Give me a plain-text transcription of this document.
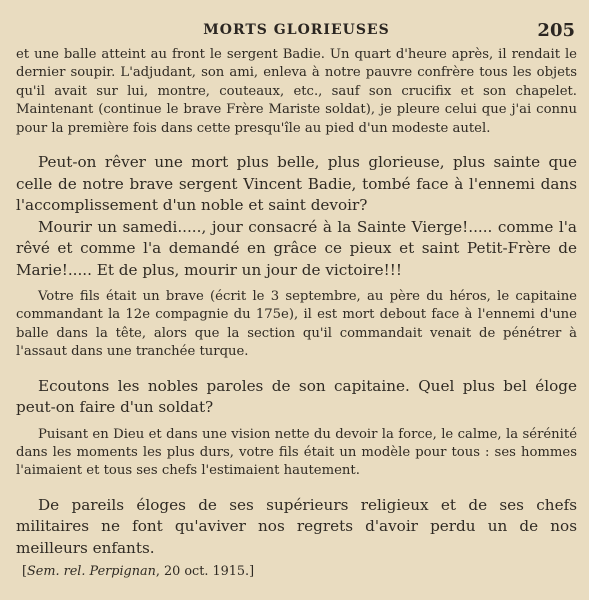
MORTS GLORIEUSES	205

et une balle atteint au front le sergent Badie. Un quart d'heure après, il rendait le dernier soupir. L'adjudant, son ami, enleva à notre pauvre confrère tous les objets qu'il avait sur lui, montre, couteaux, etc., sauf son crucifix et son chapelet. Maintenant (continue le brave Frère Mariste soldat), je pleure celui que j'ai connu pour la première fois dans cette presqu'île au pied d'un modeste autel.

Peut-on rêver une mort plus belle, plus glorieuse, plus sainte que celle de notre brave sergent Vincent Badie, tombé face à l'ennemi dans l'accomplissement d'un noble et saint devoir?

Mourir un samedi....., jour consacré à la Sainte Vierge!..... comme l'a rêvé et comme l'a demandé en grâce ce pieux et saint Petit-Frère de Marie!..... Et de plus, mourir un jour de victoire!!!

Votre fils était un brave (écrit le 3 septembre, au père du héros, le capitaine commandant la 12e compagnie du 175e), il est mort debout face à l'ennemi d'une balle dans la tête, alors que la section qu'il commandait venait de pénétrer à l'assaut dans une tranchée turque.

Ecoutons les nobles paroles de son capitaine. Quel plus bel éloge peut-on faire d'un soldat?

Puisant en Dieu et dans une vision nette du devoir la force, le calme, la sérénité dans les moments les plus durs, votre fils était un modèle pour tous : ses hommes l'aimaient et tous ses chefs l'estimaient hautement.

De pareils éloges de ses supérieurs religieux et de ses chefs militaires ne font qu'aviver nos regrets d'avoir perdu un de nos meilleurs enfants.

[Sem. rel. Perpignan, 20 oct. 1915.]
